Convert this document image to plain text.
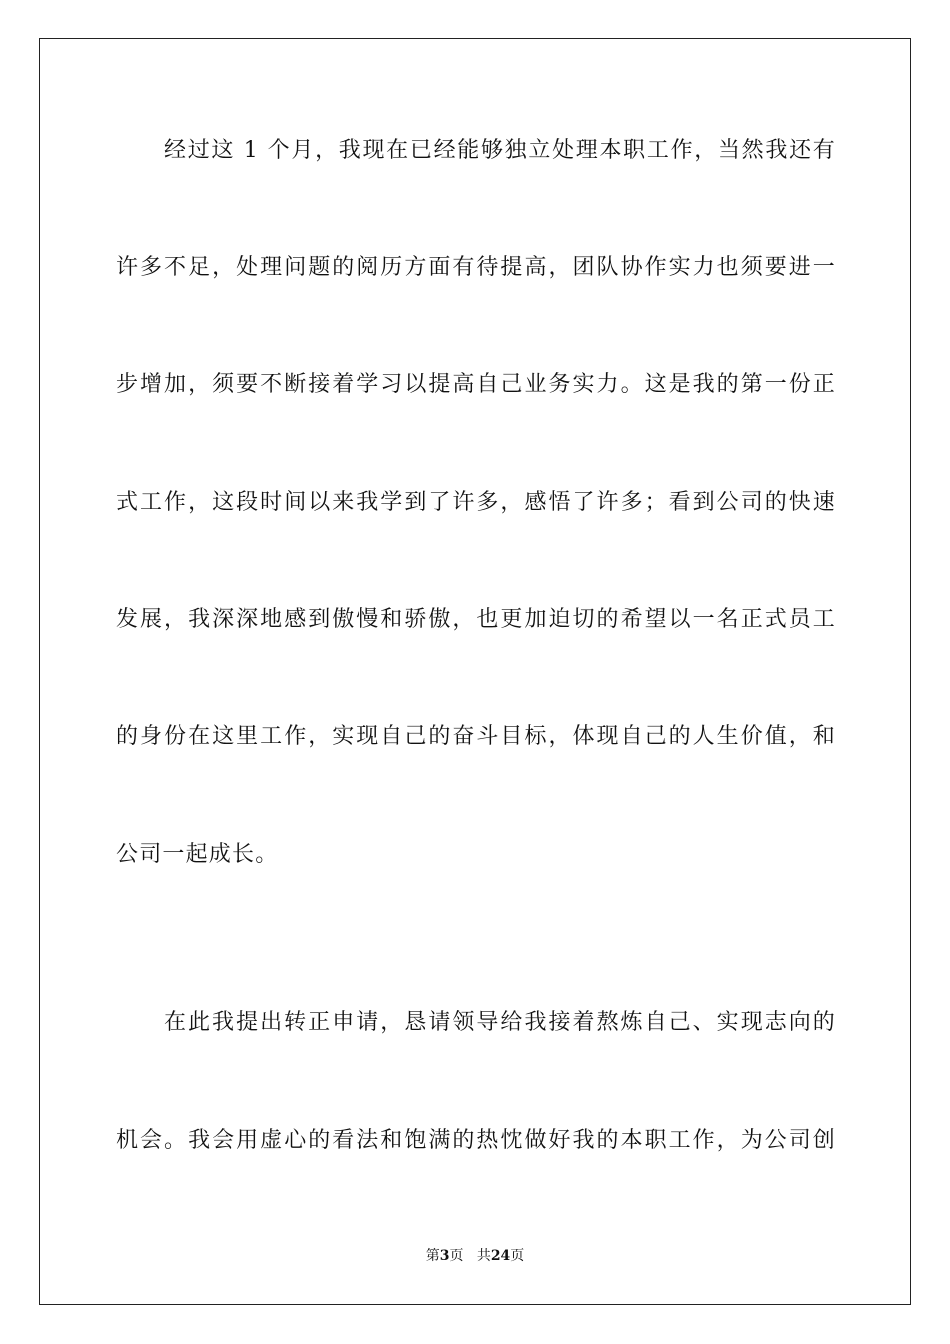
经过这 1 个月，我现在已经能够独立处理本职工作，当然我还有
许多不足，处理问题的阅历方面有待提高，团队协作实力也须要进一
步增加，须要不断接着学习以提高自己业务实力。这是我的第一份正
式工作，这段时间以来我学到了许多，感悟了许多；看到公司的快速
发展，我深深地感到傲慢和骄傲，也更加迫切的希望以一名正式员工
的身份在这里工作，实现自己的奋斗目标，体现自己的人生价值，和
公司一起成长。
在此我提出转正申请，恳请领导给我接着熬炼自己、实现志向的
机会。我会用虚心的看法和饱满的热忱做好我的本职工作，为公司创
第3页 共24页
